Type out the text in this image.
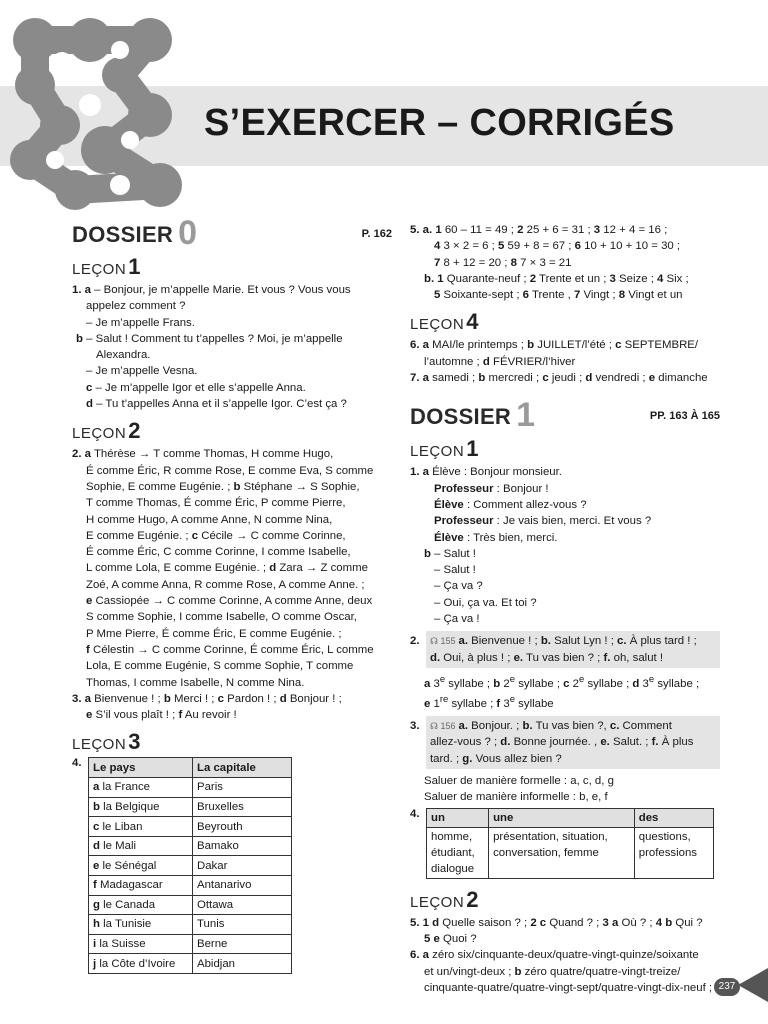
S’EXERCER – CORRIGÉS
DOSSIER 0	P. 162
LEÇON1
1. a – Bonjour, je m’appelle Marie. Et vous ? Vous vous
appelez comment ?
– Je m’appelle Frans.
b – Salut ! Comment tu t’appelles ? Moi, je m’appelle
Alexandra.
– Je m’appelle Vesna.
c – Je m’appelle Igor et elle s’appelle Anna.
d – Tu t’appelles Anna et il s’appelle Igor. C’est ça ?
LEÇON2
2. a Thérèse → T comme Thomas, H comme Hugo,
É comme Éric, R comme Rose, E comme Eva, S comme
Sophie, E comme Eugénie. ; b Stéphane → S Sophie,
T comme Thomas, É comme Éric, P comme Pierre,
H comme Hugo, A comme Anne, N comme Nina,
E comme Eugénie. ; c Cécile → C comme Corinne,
É comme Éric, C comme Corinne, I comme Isabelle,
L comme Lola, E comme Eugénie. ; d Zara → Z comme
Zoé, A comme Anna, R comme Rose, A comme Anne. ;
e Cassiopée → C comme Corinne, A comme Anne, deux
S comme Sophie, I comme Isabelle, O comme Oscar,
P Mme Pierre, É comme Éric, E comme Eugénie. ;
f Célestin → C comme Corinne, É comme Éric, L comme
Lola, E comme Eugénie, S comme Sophie, T comme
Thomas, I comme Isabelle, N comme Nina.
3. a Bienvenue ! ; b Merci ! ; c Pardon ! ; d Bonjour ! ;
e S’il vous plaît ! ; f Au revoir !
LEÇON3
4. Le pays	La capitale
a la France	Paris
b la Belgique	Bruxelles
c le Liban	Beyrouth
d le Mali	Bamako
e le Sénégal	Dakar
f Madagascar	Antanarivo
g le Canada	Ottawa
h la Tunisie	Tunis
i la Suisse	Berne
j la Côte d’Ivoire	Abidjan
5. a. 1 60 – 11 = 49 ; 2 25 + 6 = 31 ; 3 12 + 4 = 16 ;
4 3 × 2 = 6 ; 5 59 + 8 = 67 ; 6 10 + 10 + 10 = 30 ;
7 8 + 12 = 20 ; 8 7 × 3 = 21
b. 1 Quarante-neuf ; 2 Trente et un ; 3 Seize ; 4 Six ;
5 Soixante-sept ; 6 Trente , 7 Vingt ; 8 Vingt et un
LEÇON4
6. a MAI/le printemps ; b JUILLET/l’été ; c SEPTEMBRE/
l’automne ; d FÉVRIER/l’hiver
7. a samedi ; b mercredi ; c jeudi ; d vendredi ; e dimanche
DOSSIER 1	PP. 163 À 165
LEÇON1
1. a Élève : Bonjour monsieur.
Professeur : Bonjour !
Élève : Comment allez-vous ?
Professeur : Je vais bien, merci. Et vous ?
Élève : Très bien, merci.
b – Salut !
– Salut !
– Ça va ?
– Oui, ça va. Et toi ?
– Ça va !
2. ☊ 155 a. Bienvenue ! ; b. Salut Lyn ! ; c. À plus tard ! ;
d. Oui, à plus ! ; e. Tu vas bien ? ; f. oh, salut !
a 3e syllabe ; b 2e syllabe ; c 2e syllabe ; d 3e syllabe ;
e 1re syllabe ; f 3e syllabe
3. ☊ 156 a. Bonjour. ; b. Tu vas bien ?, c. Comment
allez-vous ? ; d. Bonne journée. , e. Salut. ; f. À plus
tard. ; g. Vous allez bien ?
Saluer de manière formelle : a, c, d, g
Saluer de manière informelle : b, e, f
4. un	une	des
homme,
étudiant,
dialogue	présentation, situation,
conversation, femme	questions,
professions
LEÇON2
5. 1 d Quelle saison ? ; 2 c Quand ? ; 3 a Où ? ; 4 b Qui ?
5 e Quoi ?
6. a zéro six/cinquante-deux/quatre-vingt-quinze/soixante
et un/vingt-deux ; b zéro quatre/quatre-vingt-treize/
cinquante-quatre/quatre-vingt-sept/quatre-vingt-dix-neuf ; 237
